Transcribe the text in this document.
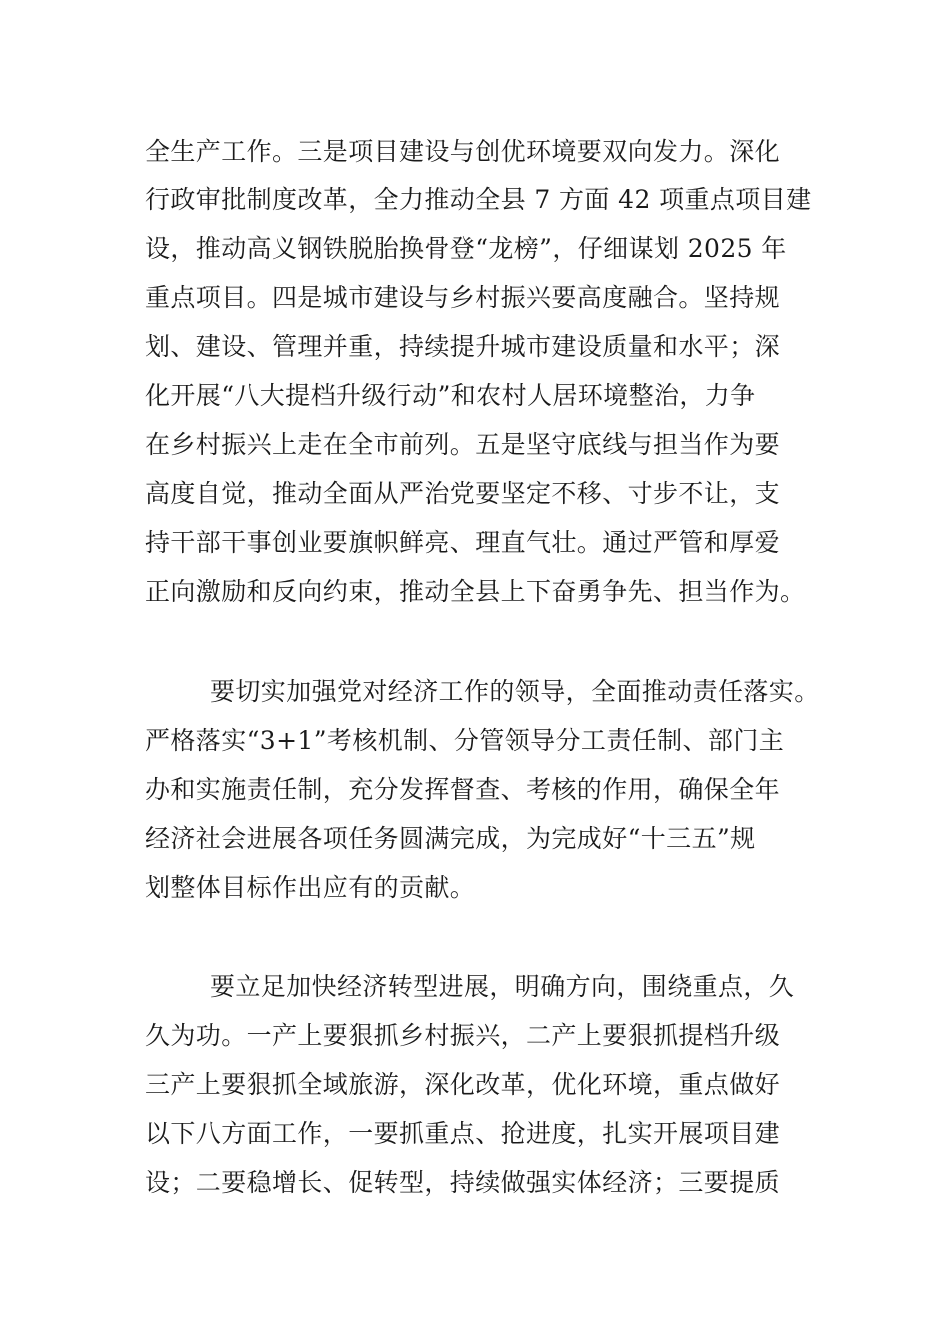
全生产工作。三是项目建设与创优环境要双向发力。深化
行政审批制度改革，全力推动全县 7 方面 42 项重点项目建
设，推动高义钢铁脱胎换骨登“龙榜”，仔细谋划 2025 年
重点项目。四是城市建设与乡村振兴要高度融合。坚持规
划、建设、管理并重，持续提升城市建设质量和水平；深
化开展“八大提档升级行动”和农村人居环境整治，力争
在乡村振兴上走在全市前列。五是坚守底线与担当作为要
高度自觉，推动全面从严治党要坚定不移、寸步不让，支
持干部干事创业要旗帜鲜亮、理直气壮。通过严管和厚爱
正向激励和反向约束，推动全县上下奋勇争先、担当作为。
要切实加强党对经济工作的领导，全面推动责任落实。
严格落实“3+1”考核机制、分管领导分工责任制、部门主
办和实施责任制，充分发挥督查、考核的作用，确保全年
经济社会进展各项任务圆满完成，为完成好“十三五”规
划整体目标作出应有的贡献。
要立足加快经济转型进展，明确方向，围绕重点，久
久为功。一产上要狠抓乡村振兴，二产上要狠抓提档升级
三产上要狠抓全域旅游，深化改革，优化环境，重点做好
以下八方面工作，一要抓重点、抢进度，扎实开展项目建
设；二要稳增长、促转型，持续做强实体经济；三要提质
